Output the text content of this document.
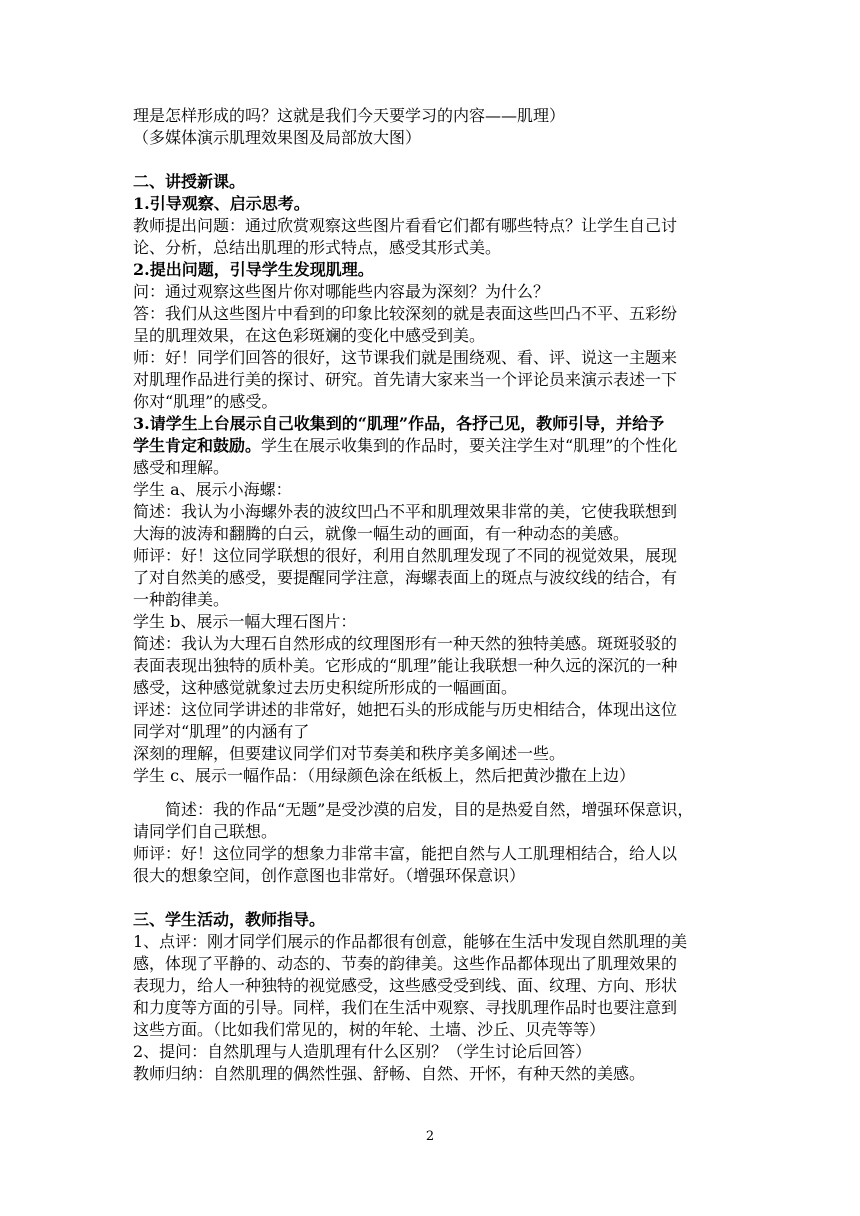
理是怎样形成的吗？这就是我们今天要学习的内容——肌理）
（多媒体演示肌理效果图及局部放大图）
二、讲授新课。
1.引导观察、启示思考。
教师提出问题：通过欣赏观察这些图片看看它们都有哪些特点？让学生自己讨
论、分析，总结出肌理的形式特点，感受其形式美。
2.提出问题，引导学生发现肌理。
问：通过观察这些图片你对哪能些内容最为深刻？为什么？
答：我们从这些图片中看到的印象比较深刻的就是表面这些凹凸不平、五彩纷
呈的肌理效果，在这色彩斑斓的变化中感受到美。
师：好！同学们回答的很好，这节课我们就是围绕观、看、评、说这一主题来
对肌理作品进行美的探讨、研究。首先请大家来当一个评论员来演示表述一下
你对“肌理”的感受。
3.请学生上台展示自己收集到的“肌理”作品，各抒己见，教师引导，并给予
学生肯定和鼓励。学生在展示收集到的作品时，要关注学生对“肌理”的个性化
感受和理解。
学生 a、展示小海螺：
简述：我认为小海螺外表的波纹凹凸不平和肌理效果非常的美，它使我联想到
大海的波涛和翻腾的白云，就像一幅生动的画面，有一种动态的美感。
师评：好！这位同学联想的很好，利用自然肌理发现了不同的视觉效果，展现
了对自然美的感受，要提醒同学注意，海螺表面上的斑点与波纹线的结合，有
一种韵律美。
学生 b、展示一幅大理石图片：
简述：我认为大理石自然形成的纹理图形有一种天然的独特美感。斑斑驳驳的
表面表现出独特的质朴美。它形成的“肌理”能让我联想一种久远的深沉的一种
感受，这种感觉就象过去历史积绽所形成的一幅画面。
评述：这位同学讲述的非常好，她把石头的形成能与历史相结合，体现出这位
同学对“肌理”的内涵有了
深刻的理解，但要建议同学们对节奏美和秩序美多阐述一些。
学生 c、展示一幅作品：（用绿颜色涂在纸板上，然后把黄沙撒在上边）
简述：我的作品“无题”是受沙漠的启发，目的是热爱自然，增强环保意识，
请同学们自己联想。
师评：好！这位同学的想象力非常丰富，能把自然与人工肌理相结合，给人以
很大的想象空间，创作意图也非常好。（增强环保意识）
三、学生活动，教师指导。
1、点评：刚才同学们展示的作品都很有创意，能够在生活中发现自然肌理的美
感，体现了平静的、动态的、节奏的韵律美。这些作品都体现出了肌理效果的
表现力，给人一种独特的视觉感受，这些感受受到线、面、纹理、方向、形状
和力度等方面的引导。同样，我们在生活中观察、寻找肌理作品时也要注意到
这些方面。（比如我们常见的，树的年轮、土墙、沙丘、贝壳等等）
2、提问：自然肌理与人造肌理有什么区别？（学生讨论后回答）
教师归纳：自然肌理的偶然性强、舒畅、自然、开怀，有种天然的美感。
2
